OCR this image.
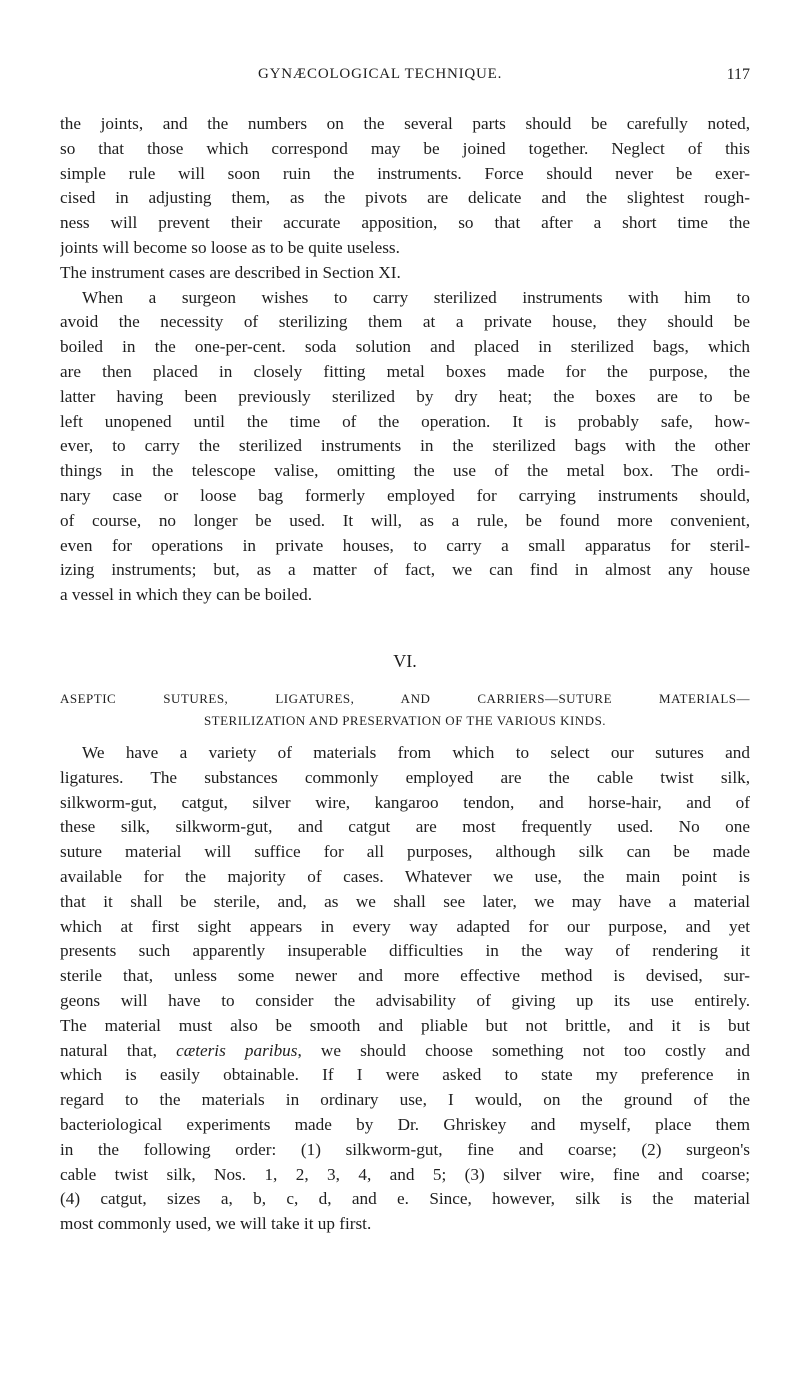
GYNÆCOLOGICAL TECHNIQUE.	117
the joints, and the numbers on the several parts should be carefully noted,
so that those which correspond may be joined together. Neglect of this
simple rule will soon ruin the instruments. Force should never be exer-
cised in adjusting them, as the pivots are delicate and the slightest rough-
ness will prevent their accurate apposition, so that after a short time the
joints will become so loose as to be quite useless.
The instrument cases are described in Section XI.
When a surgeon wishes to carry sterilized instruments with him to
avoid the necessity of sterilizing them at a private house, they should be
boiled in the one-per-cent. soda solution and placed in sterilized bags, which
are then placed in closely fitting metal boxes made for the purpose, the
latter having been previously sterilized by dry heat; the boxes are to be
left unopened until the time of the operation. It is probably safe, how-
ever, to carry the sterilized instruments in the sterilized bags with the other
things in the telescope valise, omitting the use of the metal box. The ordi-
nary case or loose bag formerly employed for carrying instruments should,
of course, no longer be used. It will, as a rule, be found more convenient,
even for operations in private houses, to carry a small apparatus for steril-
izing instruments; but, as a matter of fact, we can find in almost any house
a vessel in which they can be boiled.
VI.
ASEPTIC SUTURES, LIGATURES, AND CARRIERS—SUTURE MATERIALS—
STERILIZATION AND PRESERVATION OF THE VARIOUS KINDS.
We have a variety of materials from which to select our sutures and
ligatures. The substances commonly employed are the cable twist silk,
silkworm-gut, catgut, silver wire, kangaroo tendon, and horse-hair, and of
these silk, silkworm-gut, and catgut are most frequently used. No one
suture material will suffice for all purposes, although silk can be made
available for the majority of cases. Whatever we use, the main point is
that it shall be sterile, and, as we shall see later, we may have a material
which at first sight appears in every way adapted for our purpose, and yet
presents such apparently insuperable difficulties in the way of rendering it
sterile that, unless some newer and more effective method is devised, sur-
geons will have to consider the advisability of giving up its use entirely.
The material must also be smooth and pliable but not brittle, and it is but
natural that, cæteris paribus, we should choose something not too costly and
which is easily obtainable. If I were asked to state my preference in
regard to the materials in ordinary use, I would, on the ground of the
bacteriological experiments made by Dr. Ghriskey and myself, place them
in the following order: (1) silkworm-gut, fine and coarse; (2) surgeon's
cable twist silk, Nos. 1, 2, 3, 4, and 5; (3) silver wire, fine and coarse;
(4) catgut, sizes a, b, c, d, and e. Since, however, silk is the material
most commonly used, we will take it up first.
